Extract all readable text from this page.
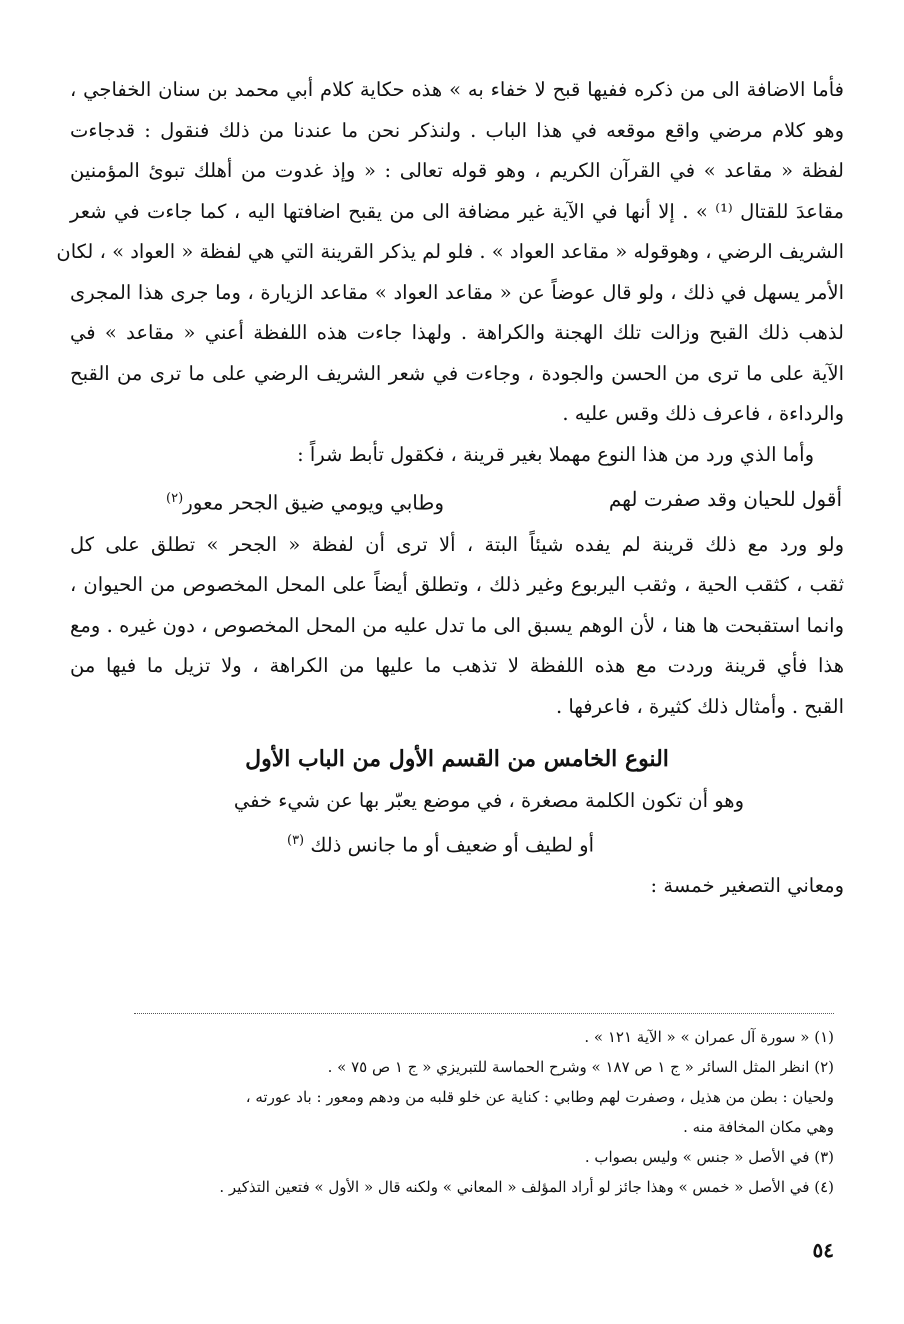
فأما الاضافة الى من ذكره ففيها قبح لا خفاء به » هذه حكاية كلام أبي محمد بن سنان الخفاجي ،
وهو كلام مرضي واقع موقعه في هذا الباب . ولنذكر نحن ما عندنا من ذلك فنقول : قدجاءت
لفظة « مقاعد » في القرآن الكريم ، وهو قوله تعالى : « وإذ غدوت من أهلك تبوئ المؤمنين
مقاعدَ للقتال ⁽¹⁾ » . إلا أنها في الآية غير مضافة الى من يقبح اضافتها اليه ، كما جاءت في شعر
الشريف الرضي ، وهوقوله « مقاعد العواد » . فلو لم يذكر القرينة التي هي لفظة « العواد » ، لكان
الأمر يسهل في ذلك ، ولو قال عوضاً عن « مقاعد العواد » مقاعد الزيارة ، وما جرى هذا المجرى
لذهب ذلك القبح وزالت تلك الهجنة والكراهة . ولهذا جاءت هذه اللفظة أعني « مقاعد » في
الآية على ما ترى من الحسن والجودة ، وجاءت في شعر الشريف الرضي على ما ترى من القبح
والرداءة ، فاعرف ذلك وقس عليه .

وأما الذي ورد من هذا النوع مهملا بغير قرينة ، فكقول تأبط شراً :

أقول للحيان وقد صفرت لهم
وطابي ويومي ضيق الجحر معور$^{(٢)}$

ولو ورد مع ذلك قرينة لم يفده شيئاً البتة ، ألا ترى أن لفظة « الجحر » تطلق على كل
ثقب ، كثقب الحية ، وثقب اليربوع وغير ذلك ، وتطلق أيضاً على المحل المخصوص من الحيوان ،
وانما استقبحت ها هنا ، لأن الوهم يسبق الى ما تدل عليه من المحل المخصوص ، دون غيره . ومع
هذا فأي قرينة وردت مع هذه اللفظة لا تذهب ما عليها من الكراهة ، ولا تزيل ما فيها من
القبح . وأمثال ذلك كثيرة ، فاعرفها .

النوع الخامس من القسم الأول من الباب الأول
وهو أن تكون الكلمة مصغرة ، في موضع يعبّر بها عن شيء خفي
أو لطيف أو ضعيف أو ما جانس ذلك $^{(٣)}$
ومعاني التصغير خمسة :

(١) « سورة آل عمران » « الآية ١٢١ » .

(٢) انظر المثل السائر « ج ١ ص ١٨٧ » وشرح الحماسة للتبريزي « ج ١ ص ٧٥ » .

ولحيان : بطن من هذيل ، وصفرت لهم وطابي : كناية عن خلو قلبه من ودهم ومعور : باد عورته ،

وهي مكان المخافة منه .

(٣) في الأصل « جنس » وليس بصواب .

(٤) في الأصل « خمس » وهذا جائز لو أراد المؤلف « المعاني » ولكنه قال « الأول » فتعين التذكير .

٥٤
